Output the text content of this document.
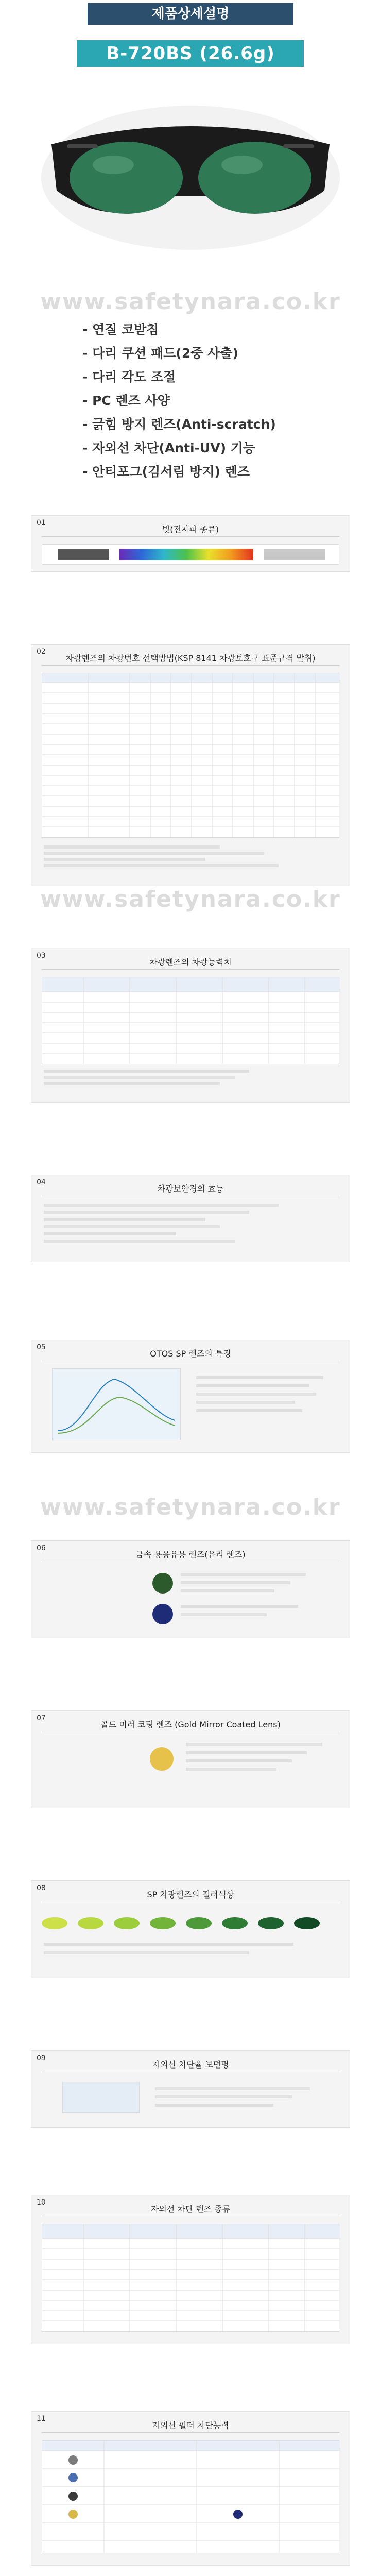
제품상세설명
B-720BS (26.6g)
www.safetynara.co.kr
www.safetynara.co.kr
www.safetynara.co.kr
- 연질 코받침
- 다리 쿠션 패드(2중 사출)
- 다리 각도 조절
- PC 렌즈 사양
- 긁힘 방지 렌즈(Anti-scratch)
- 자외선 차단(Anti-UV) 기능
- 안티포그(김서림 방지) 렌즈
01
빛(전자파 종류)
02
차광렌즈의 차광번호 선택방법(KSP 8141 차광보호구 표준규격 발취)
03
차광렌즈의 차광능력치
04
차광보안경의 효능
05
OTOS SP 렌즈의 특징
06
금속 용융유용 렌즈(유리 렌즈)
07
골드 미러 코팅 렌즈 (Gold Mirror Coated Lens)
08
SP 차광렌즈의 컬러색상
09
자외선 차단율 보면명
10
자외선 차단 렌즈 종류
11
자외선 필터 차단능력
